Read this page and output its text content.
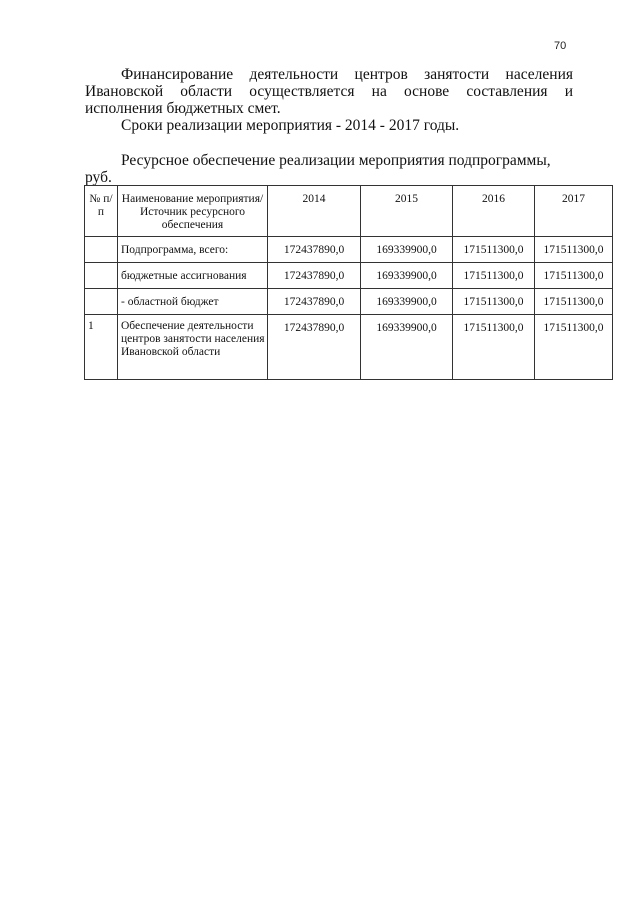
70

Финансирование деятельности центров занятости населения Ивановской области осуществляется на основе составления и исполнения бюджетных смет.

Сроки реализации мероприятия - 2014 - 2017 годы.

Ресурсное обеспечение реализации мероприятия подпрограммы, руб.

№ п/п	Наименование мероприятия/Источник ресурсного обеспечения	2014	2015	2016	2017
	Подпрограмма, всего:	172437890,0	169339900,0	171511300,0	171511300,0
	бюджетные ассигнования	172437890,0	169339900,0	171511300,0	171511300,0
	- областной бюджет	172437890,0	169339900,0	171511300,0	171511300,0
1	Обеспечение деятельности центров занятости населения Ивановской области	172437890,0	169339900,0	171511300,0	171511300,0
